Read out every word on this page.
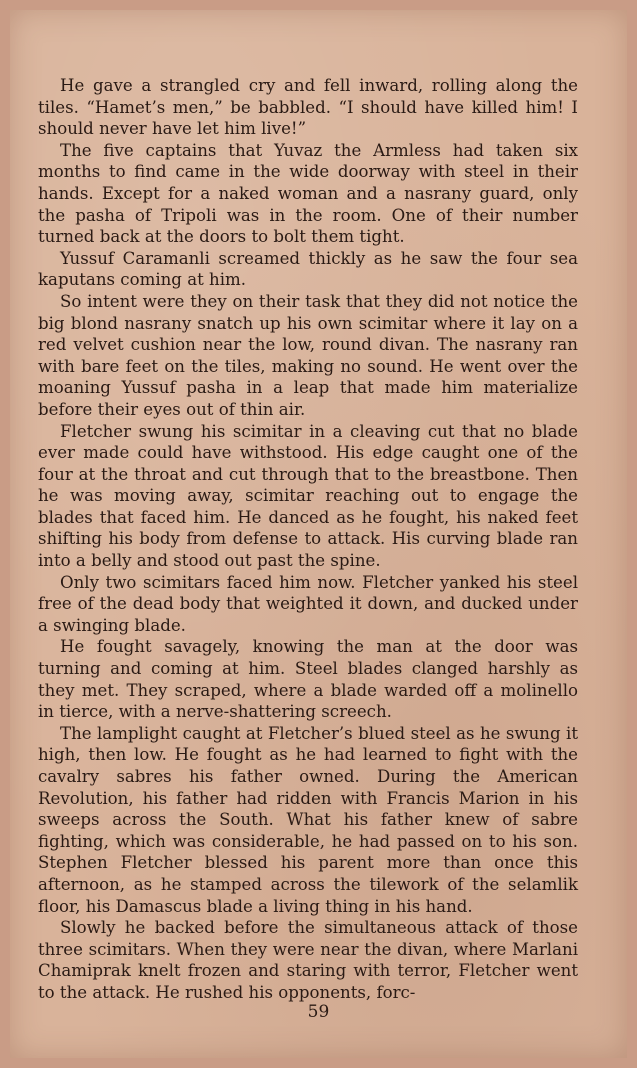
He gave a strangled cry and fell inward, rolling along the tiles. “Hamet’s men,” be babbled. “I should have killed him! I should never have let him live!”

The five captains that Yuvaz the Armless had taken six months to find came in the wide doorway with steel in their hands. Except for a naked woman and a nasrany guard, only the pasha of Tripoli was in the room. One of their number turned back at the doors to bolt them tight.

Yussuf Caramanli screamed thickly as he saw the four sea kaputans coming at him.

So intent were they on their task that they did not notice the big blond nasrany snatch up his own scimitar where it lay on a red velvet cushion near the low, round divan. The nasrany ran with bare feet on the tiles, making no sound. He went over the moaning Yussuf pasha in a leap that made him materialize before their eyes out of thin air.

Fletcher swung his scimitar in a cleaving cut that no blade ever made could have withstood. His edge caught one of the four at the throat and cut through that to the breastbone. Then he was moving away, scimitar reaching out to engage the blades that faced him. He danced as he fought, his naked feet shifting his body from defense to attack. His curving blade ran into a belly and stood out past the spine.

Only two scimitars faced him now. Fletcher yanked his steel free of the dead body that weighted it down, and ducked under a swinging blade.

He fought savagely, knowing the man at the door was turning and coming at him. Steel blades clanged harshly as they met. They scraped, where a blade warded off a molinello in tierce, with a nerve-shattering screech.

The lamplight caught at Fletcher’s blued steel as he swung it high, then low. He fought as he had learned to fight with the cavalry sabres his father owned. During the American Revolution, his father had ridden with Francis Marion in his sweeps across the South. What his father knew of sabre fighting, which was considerable, he had passed on to his son. Stephen Fletcher blessed his parent more than once this afternoon, as he stamped across the tilework of the selamlik floor, his Damascus blade a living thing in his hand.

Slowly he backed before the simultaneous attack of those three scimitars. When they were near the divan, where Marlani Chamiprak knelt frozen and staring with terror, Fletcher went to the attack. He rushed his opponents, forc-

59
